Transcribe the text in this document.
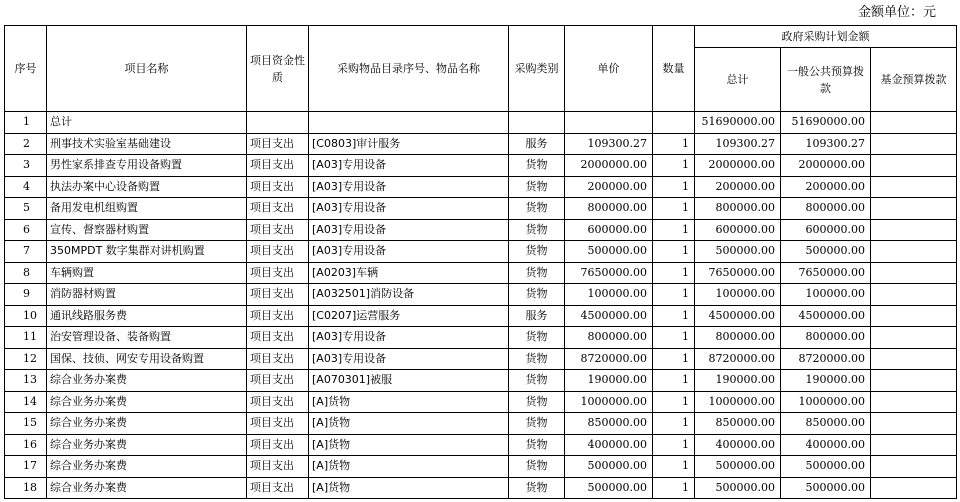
金额单位：元
序号	项目名称	项目资金性质	采购物品目录序号、物品名称	采购类别	单价	数量	政府采购计划金额		
							总计	一般公共预算拨款	基金预算拨款
1	总计						51690000.00	51690000.00	
2	刑事技术实验室基础建设	项目支出	[C0803]审计服务	服务	109300.27	1	109300.27	109300.27	
3	男性家系排查专用设备购置	项目支出	[A03]专用设备	货物	2000000.00	1	2000000.00	2000000.00	
4	执法办案中心设备购置	项目支出	[A03]专用设备	货物	200000.00	1	200000.00	200000.00	
5	备用发电机组购置	项目支出	[A03]专用设备	货物	800000.00	1	800000.00	800000.00	
6	宣传、督察器材购置	项目支出	[A03]专用设备	货物	600000.00	1	600000.00	600000.00	
7	350MPDT 数字集群对讲机购置	项目支出	[A03]专用设备	货物	500000.00	1	500000.00	500000.00	
8	车辆购置	项目支出	[A0203]车辆	货物	7650000.00	1	7650000.00	7650000.00	
9	消防器材购置	项目支出	[A032501]消防设备	货物	100000.00	1	100000.00	100000.00	
10	通讯线路服务费	项目支出	[C0207]运营服务	服务	4500000.00	1	4500000.00	4500000.00	
11	治安管理设备、装备购置	项目支出	[A03]专用设备	货物	800000.00	1	800000.00	800000.00	
12	国保、技侦、网安专用设备购置	项目支出	[A03]专用设备	货物	8720000.00	1	8720000.00	8720000.00	
13	综合业务办案费	项目支出	[A070301]被服	货物	190000.00	1	190000.00	190000.00	
14	综合业务办案费	项目支出	[A]货物	货物	1000000.00	1	1000000.00	1000000.00	
15	综合业务办案费	项目支出	[A]货物	货物	850000.00	1	850000.00	850000.00	
16	综合业务办案费	项目支出	[A]货物	货物	400000.00	1	400000.00	400000.00	
17	综合业务办案费	项目支出	[A]货物	货物	500000.00	1	500000.00	500000.00	
18	综合业务办案费	项目支出	[A]货物	货物	500000.00	1	500000.00	500000.00	
